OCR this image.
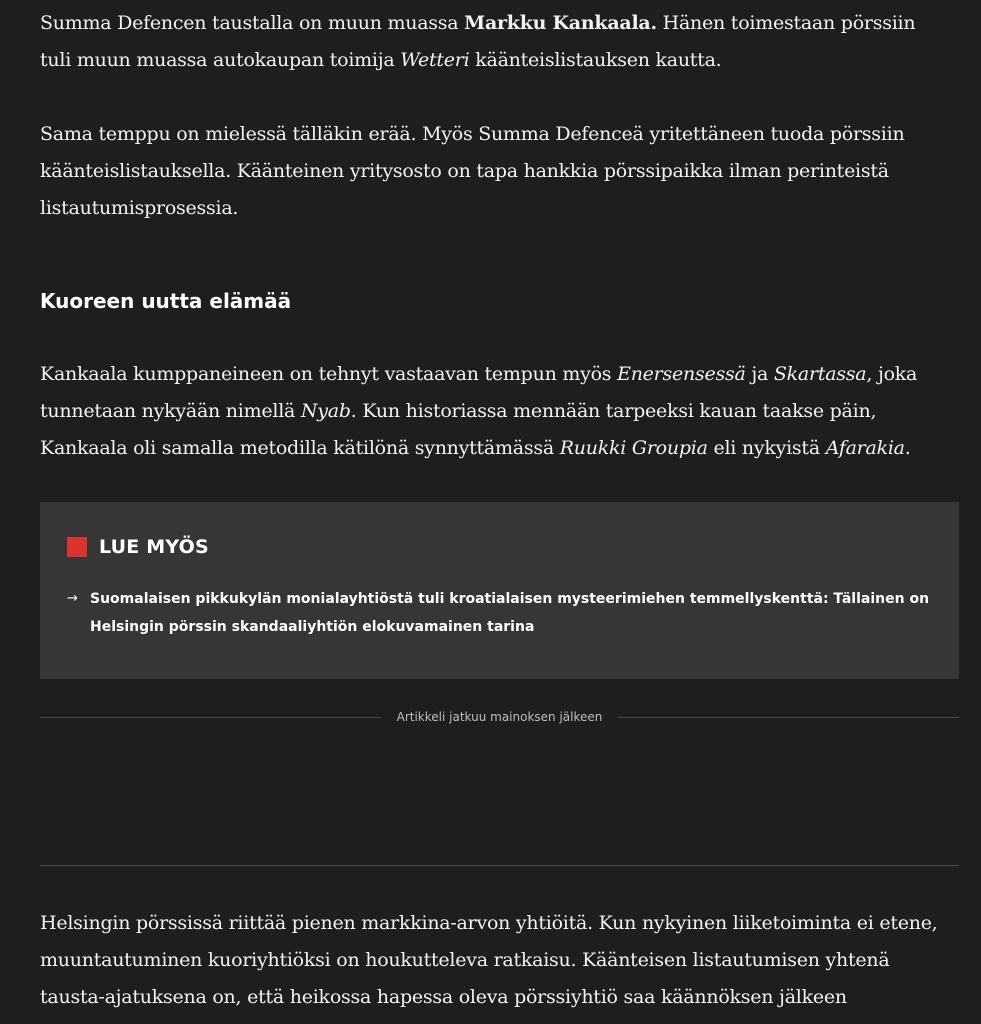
Summa Defencen taustalla on muun muassa Markku Kankaala. Hänen toimestaan pörssiin tuli muun muassa autokaupan toimija Wetteri käänteislistauksen kautta.

Sama temppu on mielessä tälläkin erää. Myös Summa Defenceä yritettäneen tuoda pörssiin käänteislistauksella. Käänteinen yritysosto on tapa hankkia pörssipaikka ilman perinteistä listautumisprosessia.

Kuoreen uutta elämää

Kankaala kumppaneineen on tehnyt vastaavan tempun myös Enersensessä ja Skartassa, joka tunnetaan nykyään nimellä Nyab. Kun historiassa mennään tarpeeksi kauan taakse päin, Kankaala oli samalla metodilla kätilönä synnyttämässä Ruukki Groupia eli nykyistä Afarakia.

LUE MYÖS
→ Suomalaisen pikkukylän monialayhtiöstä tuli kroatialaisen mysteerimiehen temmellyskenttä: Tällainen on Helsingin pörssin skandaaliyhtiön elokuvamainen tarina
Artikkeli jatkuu mainoksen jälkeen

Helsingin pörssissä riittää pienen markkina-arvon yhtiöitä. Kun nykyinen liiketoiminta ei etene, muuntautuminen kuoriyhtiöksi on houkutteleva ratkaisu. Käänteisen listautumisen yhtenä tausta-ajatuksena on, että heikossa hapessa oleva pörssiyhtiö saa käännöksen jälkeen
